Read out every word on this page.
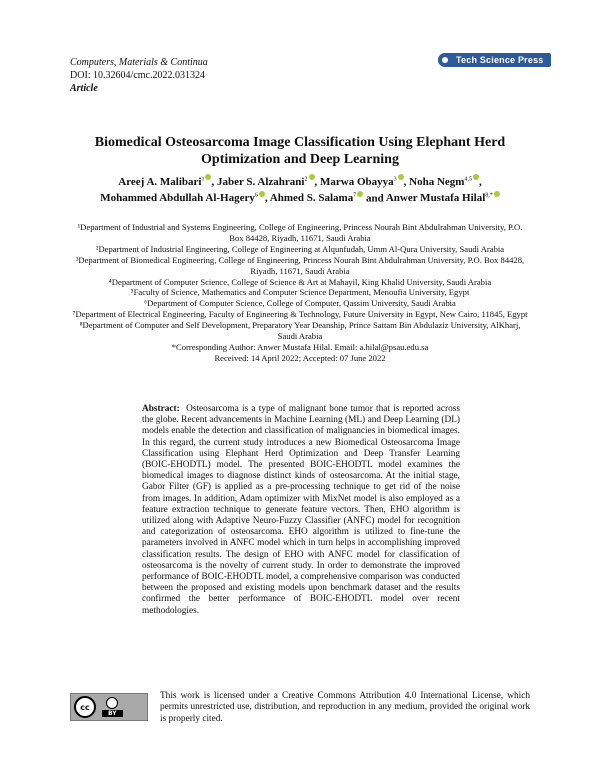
Computers, Materials & Continua
DOI: 10.32604/cmc.2022.031324
Article
Tech Science Press
Biomedical Osteosarcoma Image Classification Using Elephant Herd
Optimization and Deep Learning
Areej A. Malibari$^1$ , Jaber S. Alzahrani$^2$ , Marwa Obayya$^3$ , Noha Negm$^{4,5}$ ,
Mohammed Abdullah Al-Hagery$^6$ , Ahmed S. Salama$^7$ and Anwer Mustafa Hilal$^{8,*}$
¹Department of Industrial and Systems Engineering, College of Engineering, Princess Nourah Bint Abdulrahman University, P.O. Box 84428, Riyadh, 11671, Saudi Arabia
²Department of Industrial Engineering, College of Engineering at Alqunfudah, Umm Al-Qura University, Saudi Arabia
³Department of Biomedical Engineering, College of Engineering, Princess Nourah Bint Abdulrahman University, P.O. Box 84428, Riyadh, 11671, Saudi Arabia
⁴Department of Computer Science, College of Science & Art at Mahayil, King Khalid University, Saudi Arabia
⁵Faculty of Science, Mathematics and Computer Science Department, Menoufia University, Egypt
⁶Department of Computer Science, College of Computer, Qassim University, Saudi Arabia
⁷Department of Electrical Engineering, Faculty of Engineering & Technology, Future University in Egypt, New Cairo, 11845, Egypt
⁸Department of Computer and Self Development, Preparatory Year Deanship, Prince Sattam Bin Abdulaziz University, AlKharj, Saudi Arabia
*Corresponding Author: Anwer Mustafa Hilal. Email: a.hilal@psau.edu.sa
Received: 14 April 2022; Accepted: 07 June 2022
Abstract: Osteosarcoma is a type of malignant bone tumor that is reported across the globe. Recent advancements in Machine Learning (ML) and Deep Learning (DL) models enable the detection and classification of malignancies in biomedical images. In this regard, the current study introduces a new Biomedical Osteosarcoma Image Classification using Elephant Herd Optimization and Deep Transfer Learning (BOIC-EHODTL) model. The presented BOIC-EHODTL model examines the biomedical images to diagnose distinct kinds of osteosarcoma. At the initial stage, Gabor Filter (GF) is applied as a pre-processing technique to get rid of the noise from images. In addition, Adam optimizer with MixNet model is also employed as a feature extraction technique to generate feature vectors. Then, EHO algorithm is utilized along with Adaptive Neuro-Fuzzy Classifier (ANFC) model for recognition and categorization of osteosarcoma. EHO algorithm is utilized to fine-tune the parameters involved in ANFC model which in turn helps in accomplishing improved classification results. The design of EHO with ANFC model for classification of osteosarcoma is the novelty of current study. In order to demonstrate the improved performance of BOIC-EHODTL model, a comprehensive comparison was conducted between the proposed and existing models upon benchmark dataset and the results confirmed the better performance of BOIC-EHODTL model over recent methodologies.
cc
BY
This work is licensed under a Creative Commons Attribution 4.0 International License, which permits unrestricted use, distribution, and reproduction in any medium, provided the original work is properly cited.
